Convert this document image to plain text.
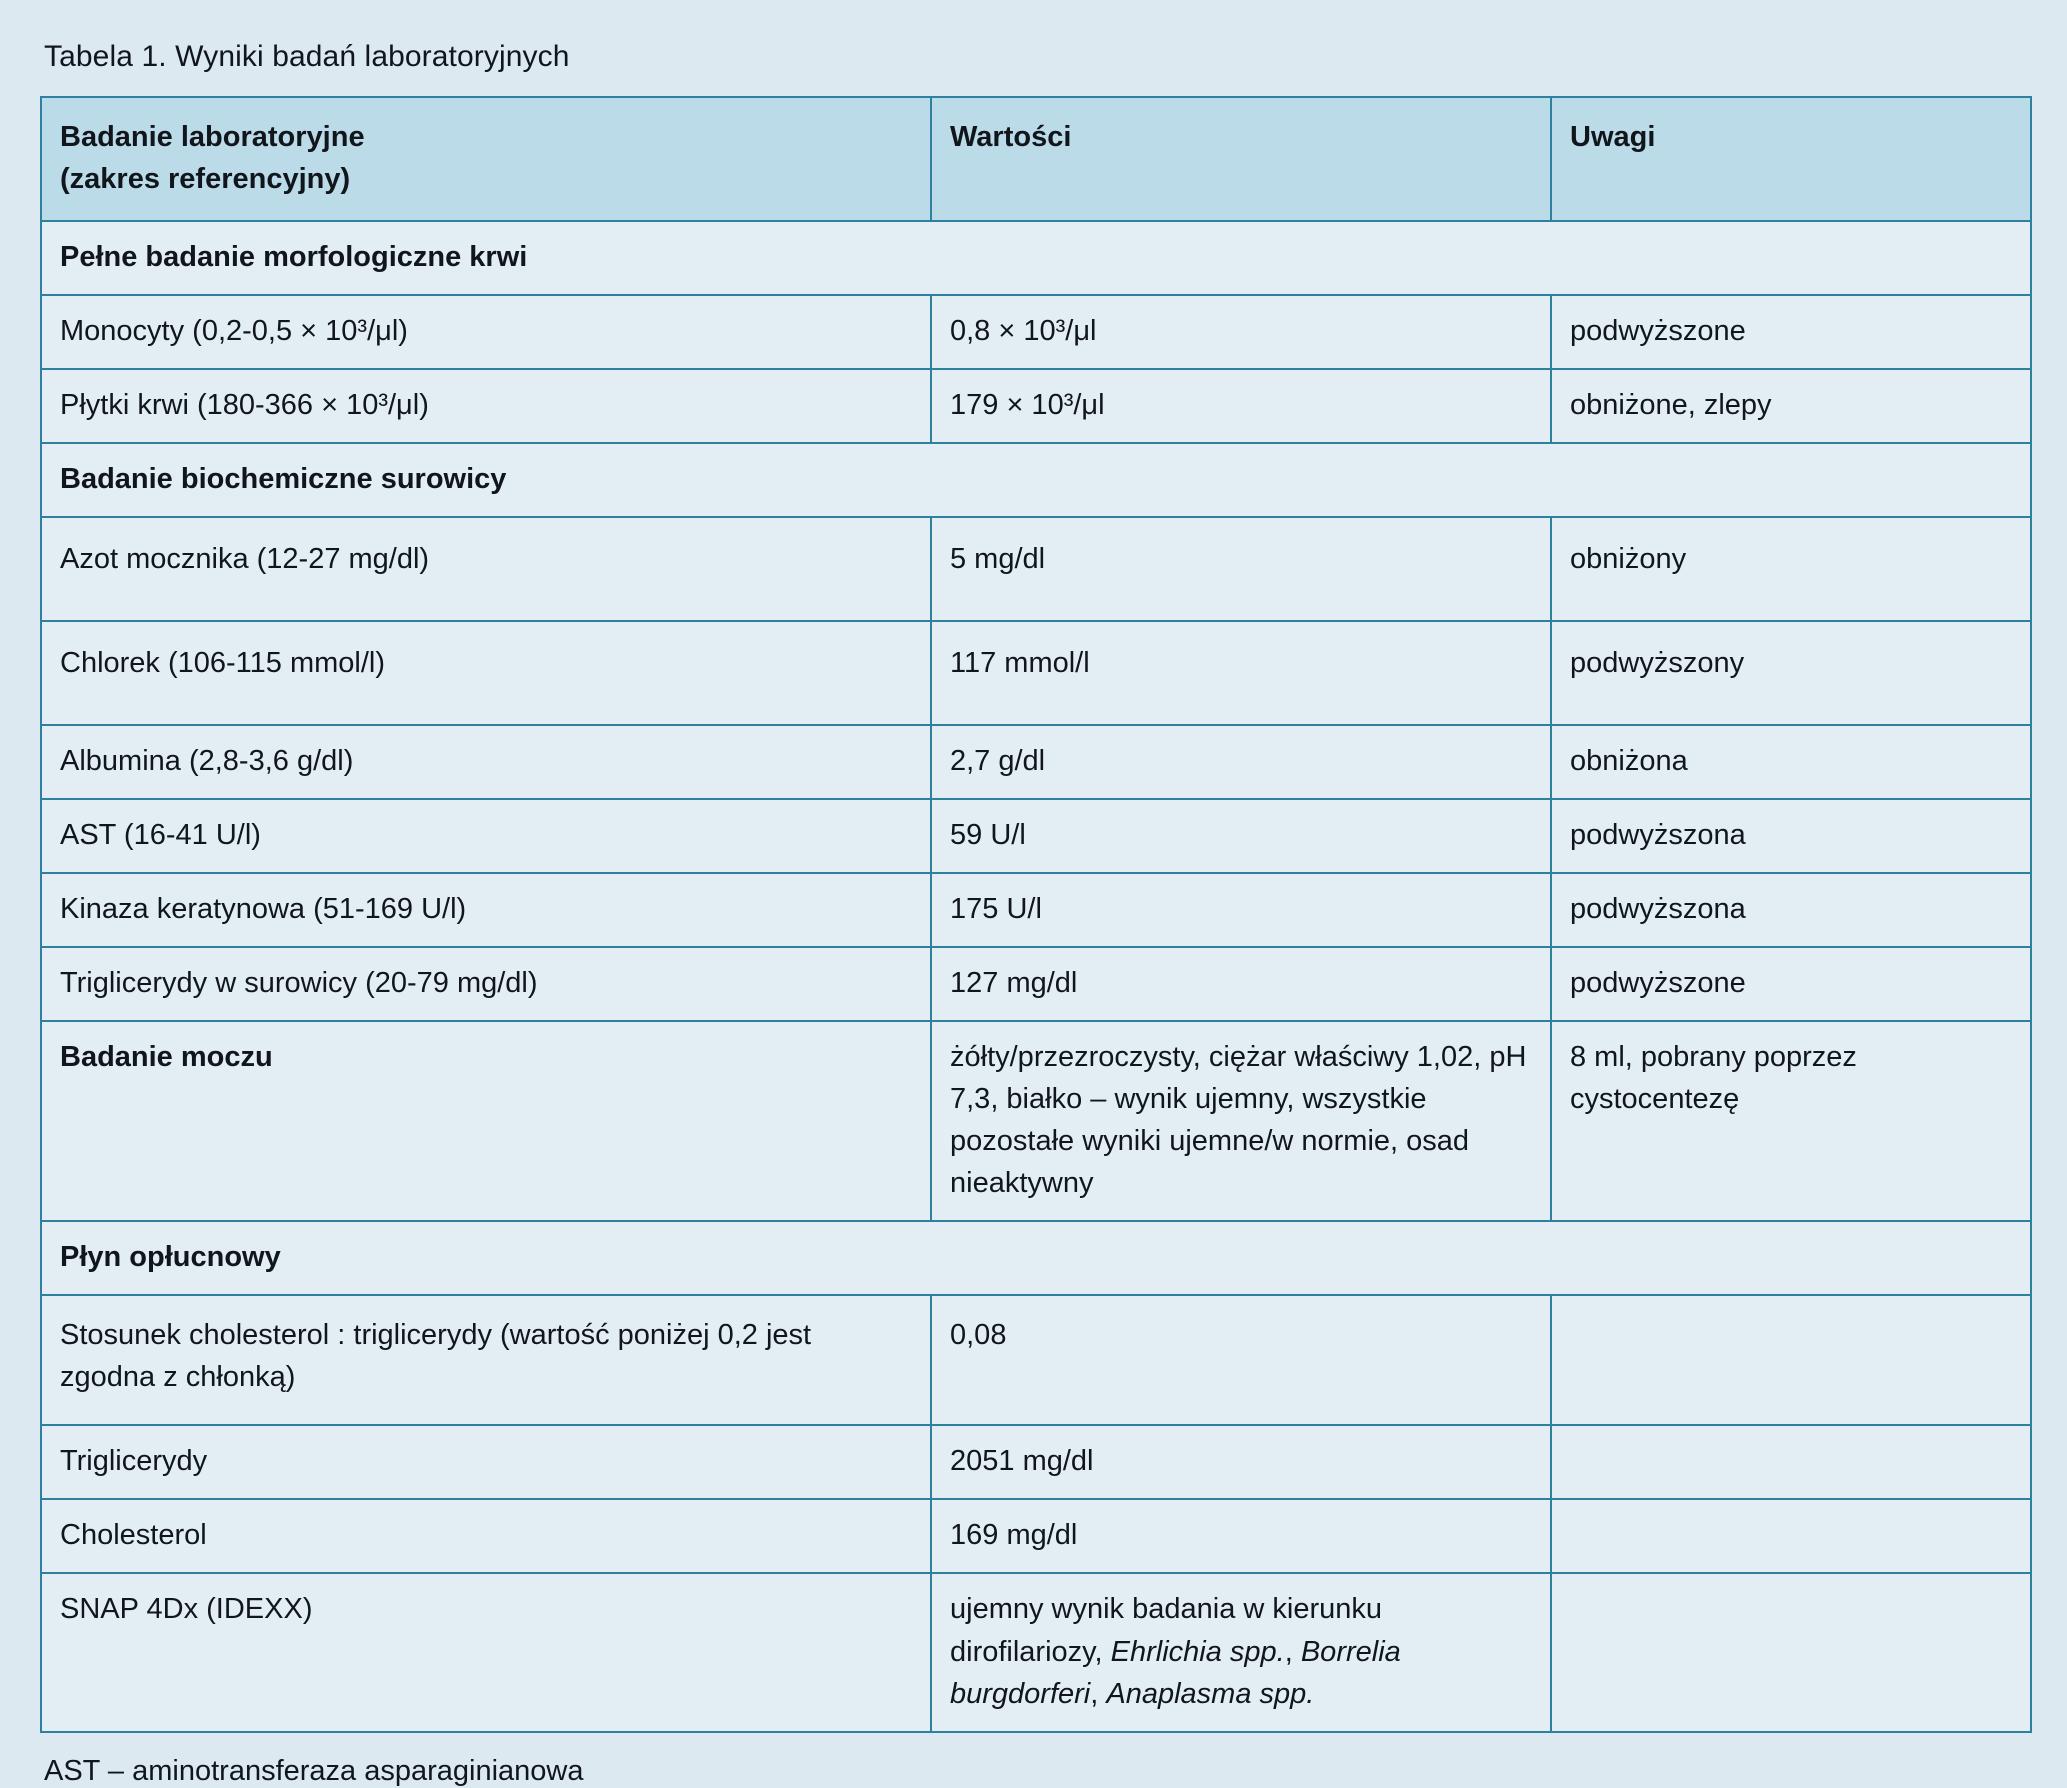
Tabela 1. Wyniki badań laboratoryjnych
Badanie laboratoryjne
(zakres referencyjny)	Wartości	Uwagi
Pełne badanie morfologiczne krwi		
Monocyty (0,2-0,5 × 10³/μl)	0,8 × 10³/μl	podwyższone
Płytki krwi (180-366 × 10³/μl)	179 × 10³/μl	obniżone, zlepy
Badanie biochemiczne surowicy		
Azot mocznika (12-27 mg/dl)	5 mg/dl	obniżony
Chlorek (106-115 mmol/l)	117 mmol/l	podwyższony
Albumina (2,8-3,6 g/dl)	2,7 g/dl	obniżona
AST (16-41 U/l)	59 U/l	podwyższona
Kinaza keratynowa (51-169 U/l)	175 U/l	podwyższona
Triglicerydy w surowicy (20-79 mg/dl)	127 mg/dl	podwyższone
Badanie moczu	żółty/przezroczysty, ciężar właściwy 1,02, pH 7,3, białko – wynik ujemny, wszystkie pozostałe wyniki ujemne/w normie, osad nieaktywny	8 ml, pobrany poprzez cystocentezę
Płyn opłucnowy		
Stosunek cholesterol : triglicerydy (wartość poniżej 0,2 jest zgodna z chłonką)	0,08	
Triglicerydy	2051 mg/dl	
Cholesterol	169 mg/dl	
SNAP 4Dx (IDEXX)	ujemny wynik badania w kierunku dirofilariozy, Ehrlichia spp., Borrelia burgdorferi, Anaplasma spp.	
AST – aminotransferaza asparaginianowa
